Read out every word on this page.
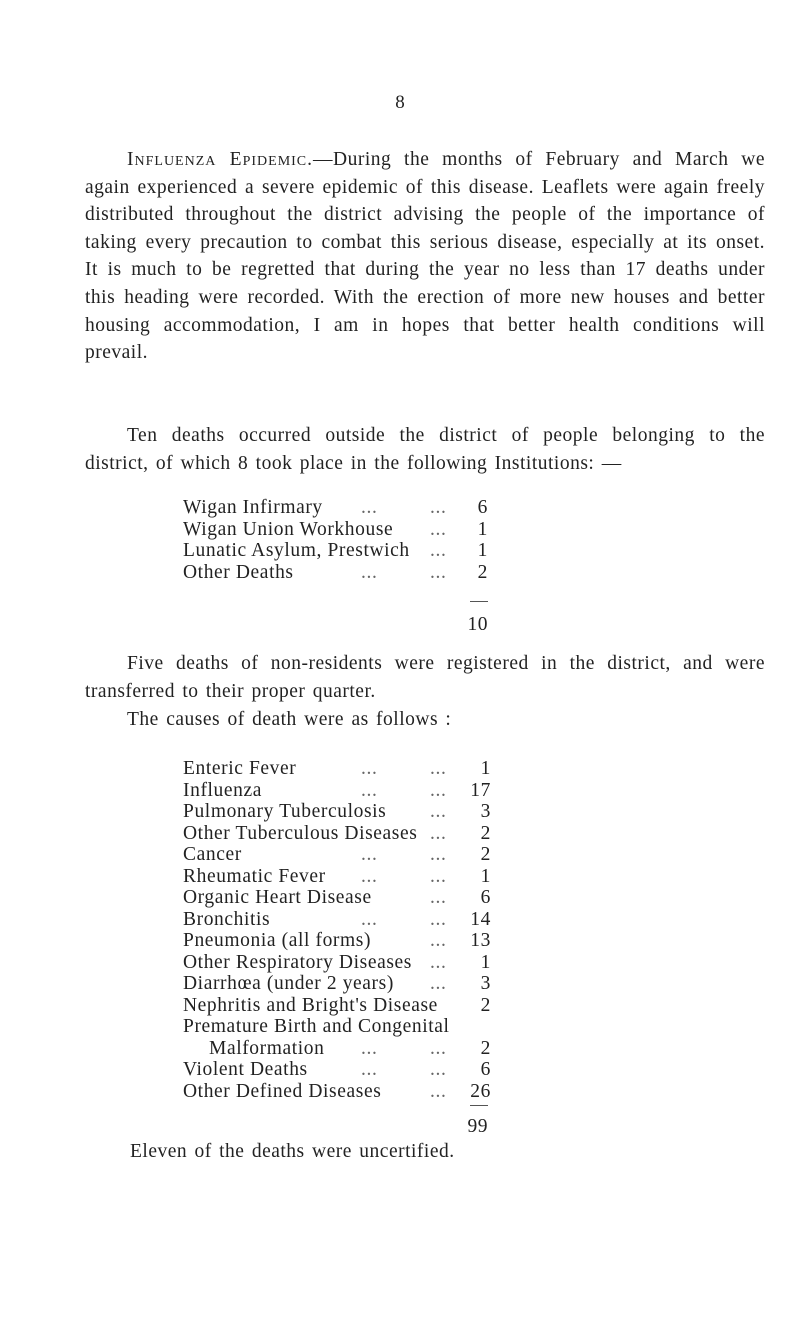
8

Influenza Epidemic.—During the months of February and March we again experienced a severe epidemic of this disease. Leaflets were again freely distributed throughout the district advising the people of the importance of taking every precaution to combat this serious disease, especially at its onset. It is much to be regretted that during the year no less than 17 deaths under this heading were recorded. With the erection of more new houses and better housing accommodation, I am in hopes that better health conditions will prevail.

Ten deaths occurred outside the district of people belonging to the district, of which 8 took place in the following Institutions: —

Wigan Infirmary ...	... 6
Wigan Union Workhouse ... 1
Lunatic Asylum, Prestwich ... 1
Other Deaths	...	... 2
10

Five deaths of non-residents were registered in the district, and were transferred to their proper quarter.

The causes of death were as follows :

Enteric Fever	...	... 1
Influenza	...	... 17
Pulmonary Tuberculosis ... 3
Other Tuberculous Diseases ... 2
Cancer	...	... 2
Rheumatic Fever ...	... 1
Organic Heart Disease	... 6
Bronchitis	...	... 14
Pneumonia (all forms)	... 13
Other Respiratory Diseases ... 1
Diarrhœa (under 2 years) ... 3
Nephritis and Bright's Disease 2
Premature Birth and Congenital
Malformation ...	... 2
Violent Deaths	...	... 6
Other Defined Diseases ... 26
99

Eleven of the deaths were uncertified.
